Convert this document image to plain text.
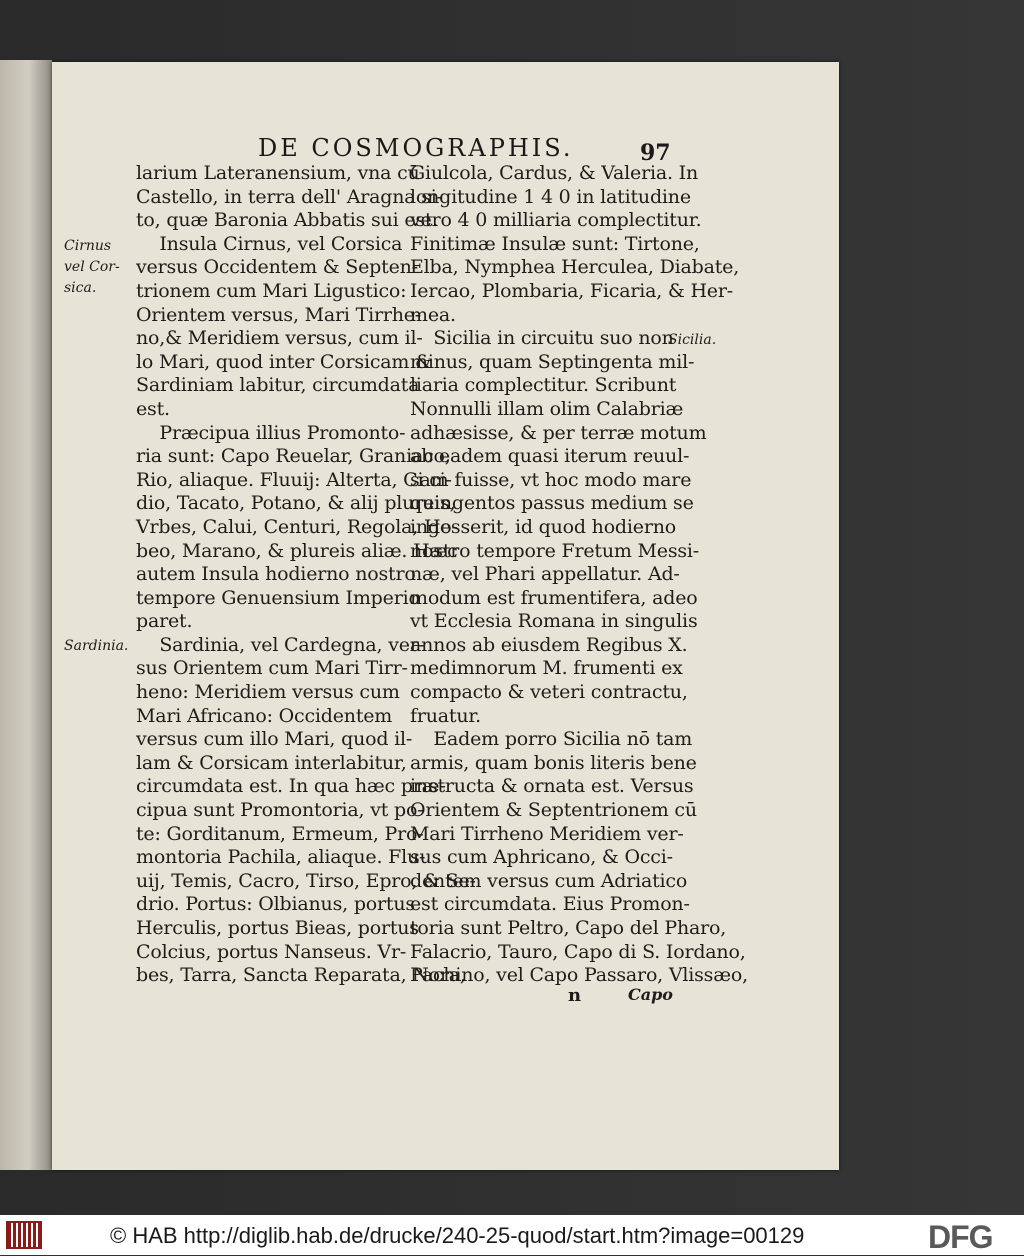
DE COSMOGRAPHIS.	97
Cirnus
vel Cor-
sica.
Sicilia.
Sardinia.
larium Lateranensium, vna cū
Castello, in terra dell' Aragna si-
to, quæ Baronia Abbatis sui est.
Insula Cirnus, vel Corsica
versus Occidentem & Septen-
trionem cum Mari Ligustico:
Orientem versus, Mari Tirrhe-
no,& Meridiem versus, cum il-
lo Mari, quod inter Corsicam &
Sardiniam labitur, circumdata
est.
Præcipua illius Promonto-
ria sunt: Capo Reuelar, Graniaco,
Rio, aliaque. Fluuij: Alterta, Ci ci-
dio, Tacato, Potano, & alij plureis,
Vrbes, Calui, Centuri, Regola, Ho-
beo, Marano, & plureis aliæ. Hæc
autem Insula hodierno nostro
tempore Genuensium Imperio
paret.
Sardinia, vel Cardegna, ver-
sus Orientem cum Mari Tirr-
heno: Meridiem versus cum
Mari Africano: Occidentem
versus cum illo Mari, quod il-
lam & Corsicam interlabitur,
circumdata est. In qua hæc præ-
cipua sunt Promontoria, vt po-
te: Gorditanum, Ermeum, Pro-
montoria Pachila, aliaque. Flu-
uij, Temis, Cacro, Tirso, Epro, & Se-
drio. Portus: Olbianus, portus
Herculis, portus Bieas, portus
Colcius, portus Nanseus. Vr-
bes, Tarra, Sancta Reparata, Nora,
Giulcola, Cardus, & Valeria. In
longitudine 1 4 0 in latitudine
vero 4 0 milliaria complectitur.
Finitimæ Insulæ sunt: Tirtone,
Elba, Nymphea Herculea, Diabate,
Iercao, Plombaria, Ficaria, & Her-
mea.
Sicilia in circuitu suo non
minus, quam Septingenta mil-
liaria complectitur. Scribunt
Nonnulli illam olim Calabriæ
adhæsisse, & per terræ motum
ab eadem quasi iterum reuul-
sam fuisse, vt hoc modo mare
quingentos passus medium se
ingesserit, id quod hodierno
nostro tempore Fretum Messi-
næ, vel Phari appellatur. Ad-
modum est frumentifera, adeo
vt Ecclesia Romana in singulis
annos ab eiusdem Regibus X.
medimnorum M. frumenti ex
compacto & veteri contractu,
fruatur.
Eadem porro Sicilia nō tam
armis, quam bonis literis bene
instructa & ornata est. Versus
Orientem & Septentrionem cū
Mari Tirrheno Meridiem ver-
sus cum Aphricano, & Occi-
dentem versus cum Adriatico
est circumdata. Eius Promon-
toria sunt Peltro, Capo del Pharo,
Falacrio, Tauro, Capo di S. Iordano,
Pachino, vel Capo Passaro, Vlissæo,
n	Capo
© HAB http://diglib.hab.de/drucke/240-25-quod/start.htm?image=00129	DFG
